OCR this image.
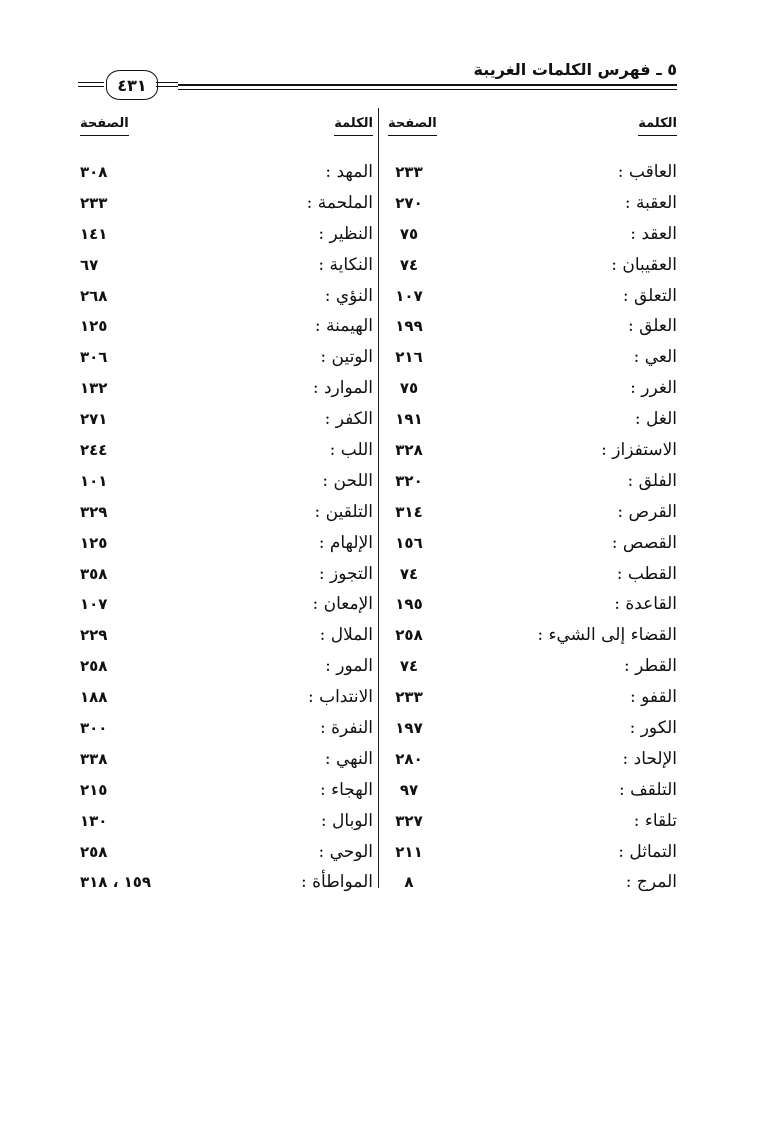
٥ ـ فهرس الكلمات الغريبة
٤٣١
الكلمة
الصفحة
الكلمة
الصفحة
العاقب :
٢٣٣
المهد :
٣٠٨
العقبة :
٢٧٠
الملحمة :
٢٣٣
العقد :
٧٥
النظير :
١٤١
العقيبان :
٧٤
النكاية :
٦٧
التعلق :
١٠٧
النؤي :
٢٦٨
العلق :
١٩٩
الهيمنة :
١٢٥
العي :
٢١٦
الوتين :
٣٠٦
الغرر :
٧٥
الموارد :
١٣٢
الغل :
١٩١
الكفر :
٢٧١
الاستفزاز :
٣٢٨
اللب :
٢٤٤
الفلق :
٣٢٠
اللحن :
١٠١
القرص :
٣١٤
التلقين :
٣٢٩
القصص :
١٥٦
الإلهام :
١٢٥
القطب :
٧٤
التجوز :
٣٥٨
القاعدة :
١٩٥
الإمعان :
١٠٧
القضاء إلى الشيء :
٢٥٨
الملال :
٢٢٩
القطر :
٧٤
المور :
٢٥٨
القفو :
٢٣٣
الانتداب :
١٨٨
الكور :
١٩٧
النفرة :
٣٠٠
الإلحاد :
٢٨٠
النهي :
٣٣٨
التلقف :
٩٧
الهجاء :
٢١٥
تلقاء :
٣٢٧
الوبال :
١٣٠
التماثل :
٢١١
الوحي :
٢٥٨
المرج :
٨
المواطأة :
١٥٩ ، ٣١٨
